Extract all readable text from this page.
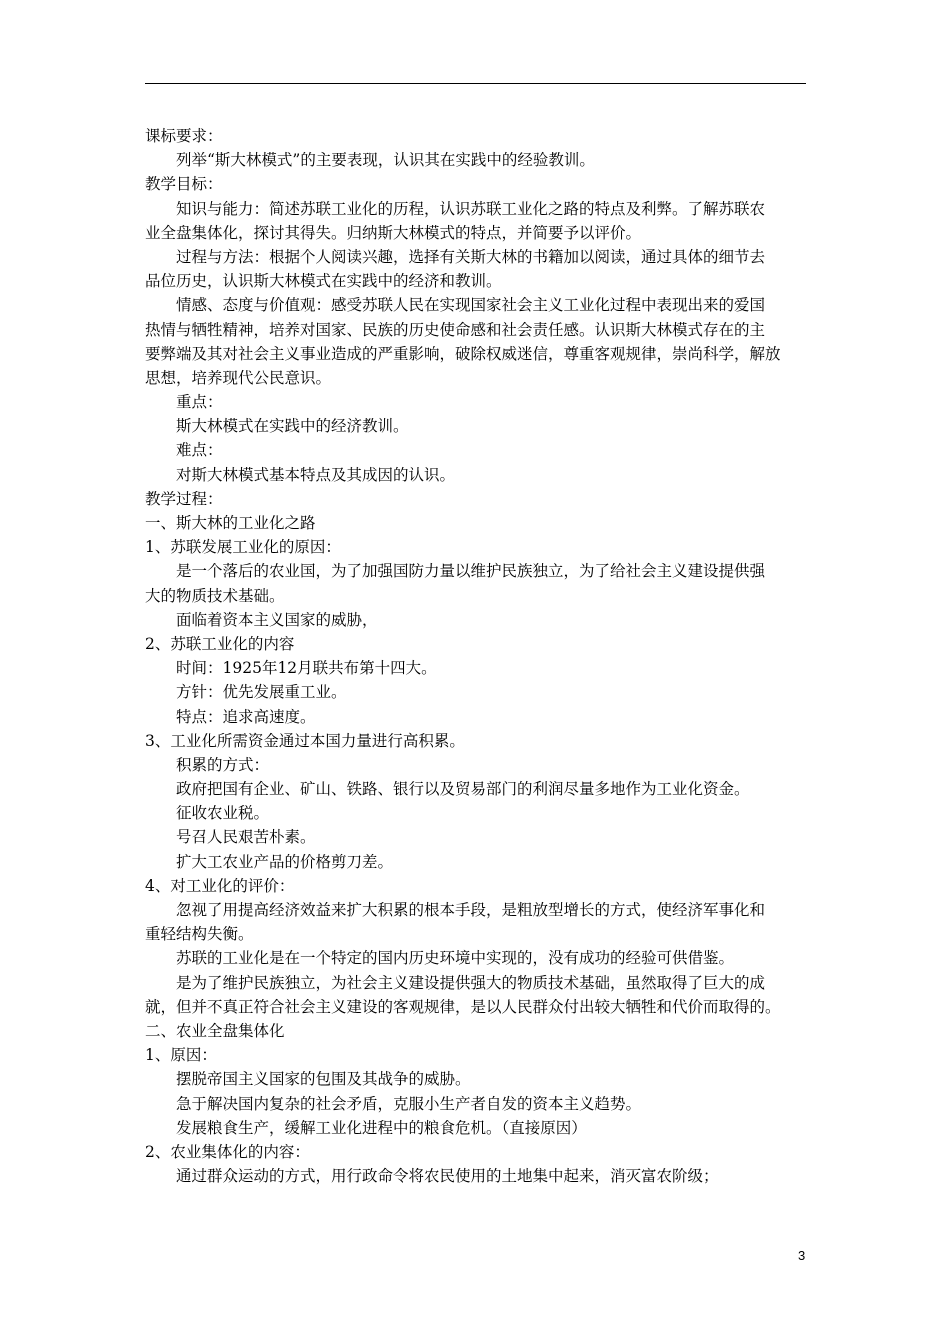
课标要求：
列举“斯大林模式”的主要表现，认识其在实践中的经验教训。
教学目标：
知识与能力：简述苏联工业化的历程，认识苏联工业化之路的特点及利弊。了解苏联农
业全盘集体化，探讨其得失。归纳斯大林模式的特点，并简要予以评价。
过程与方法：根据个人阅读兴趣，选择有关斯大林的书籍加以阅读，通过具体的细节去
品位历史，认识斯大林模式在实践中的经济和教训。
情感、态度与价值观：感受苏联人民在实现国家社会主义工业化过程中表现出来的爱国
热情与牺牲精神，培养对国家、民族的历史使命感和社会责任感。认识斯大林模式存在的主
要弊端及其对社会主义事业造成的严重影响，破除权威迷信，尊重客观规律，崇尚科学，解放
思想，培养现代公民意识。
重点：
斯大林模式在实践中的经济教训。
难点：
对斯大林模式基本特点及其成因的认识。
教学过程：
一、斯大林的工业化之路
1、苏联发展工业化的原因：
是一个落后的农业国，为了加强国防力量以维护民族独立，为了给社会主义建设提供强
大的物质技术基础。
面临着资本主义国家的威胁，
2、苏联工业化的内容
时间：1925年12月联共布第十四大。
方针：优先发展重工业。
特点：追求高速度。
3、工业化所需资金通过本国力量进行高积累。
积累的方式：
政府把国有企业、矿山、铁路、银行以及贸易部门的利润尽量多地作为工业化资金。
征收农业税。
号召人民艰苦朴素。
扩大工农业产品的价格剪刀差。
4、对工业化的评价：
忽视了用提高经济效益来扩大积累的根本手段，是粗放型增长的方式，使经济军事化和
重轻结构失衡。
苏联的工业化是在一个特定的国内历史环境中实现的，没有成功的经验可供借鉴。
是为了维护民族独立，为社会主义建设提供强大的物质技术基础，虽然取得了巨大的成
就，但并不真正符合社会主义建设的客观规律，是以人民群众付出较大牺牲和代价而取得的。
二、农业全盘集体化
1、原因：
摆脱帝国主义国家的包围及其战争的威胁。
急于解决国内复杂的社会矛盾，克服小生产者自发的资本主义趋势。
发展粮食生产，缓解工业化进程中的粮食危机。（直接原因）
2、农业集体化的内容：
通过群众运动的方式，用行政命令将农民使用的土地集中起来，消灭富农阶级；
3
